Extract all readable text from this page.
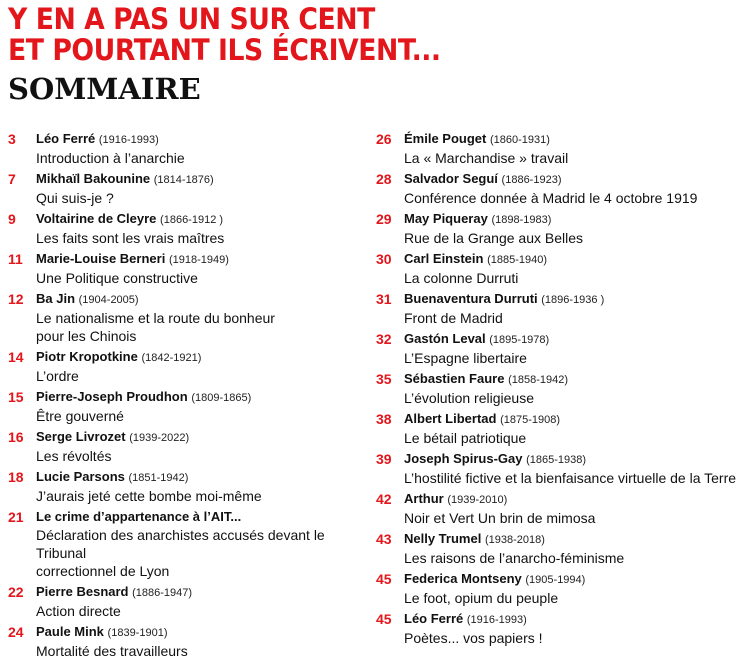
Y EN A PAS UN SUR CENT
ET POURTANT ILS ÉCRIVENT...
SOMMAIRE
3 Léo Ferré (1916-1993)
Introduction à l’anarchie
7 Mikhaïl Bakounine (1814-1876)
Qui suis-je ?
9 Voltairine de Cleyre (1866-1912 )
Les faits sont les vrais maîtres
11 Marie-Louise Berneri (1918-1949)
Une Politique constructive
12 Ba Jin (1904-2005)
Le nationalisme et la route du bonheur
pour les Chinois
14 Piotr Kropotkine (1842-1921)
L’ordre
15 Pierre-Joseph Proudhon (1809-1865)
Être gouverné
16 Serge Livrozet (1939-2022)
Les révoltés
18 Lucie Parsons (1851-1942)
J’aurais jeté cette bombe moi-même
21 Le crime d’appartenance à l’AIT...
Déclaration des anarchistes accusés devant le Tribunal
correctionnel de Lyon
22 Pierre Besnard (1886-1947)
Action directe
24 Paule Mink (1839-1901)
Mortalité des travailleurs
26 Émile Pouget (1860-1931)
La « Marchandise » travail
28 Salvador Seguí (1886-1923)
Conférence donnée à Madrid le 4 octobre 1919
29 May Piqueray (1898-1983)
Rue de la Grange aux Belles
30 Carl Einstein (1885-1940)
La colonne Durruti
31 Buenaventura Durruti (1896-1936 )
Front de Madrid
32 Gastón Leval (1895-1978)
L’Espagne libertaire
35 Sébastien Faure (1858-1942)
L’évolution religieuse
38 Albert Libertad (1875-1908)
Le bétail patriotique
39 Joseph Spirus-Gay (1865-1938)
L’hostilité fictive et la bienfaisance virtuelle de la Terre
42 Arthur (1939-2010)
Noir et Vert Un brin de mimosa
43 Nelly Trumel (1938-2018)
Les raisons de l’anarcho-féminisme
45 Federica Montseny (1905-1994)
Le foot, opium du peuple
45 Léo Ferré (1916-1993)
Poètes... vos papiers !
